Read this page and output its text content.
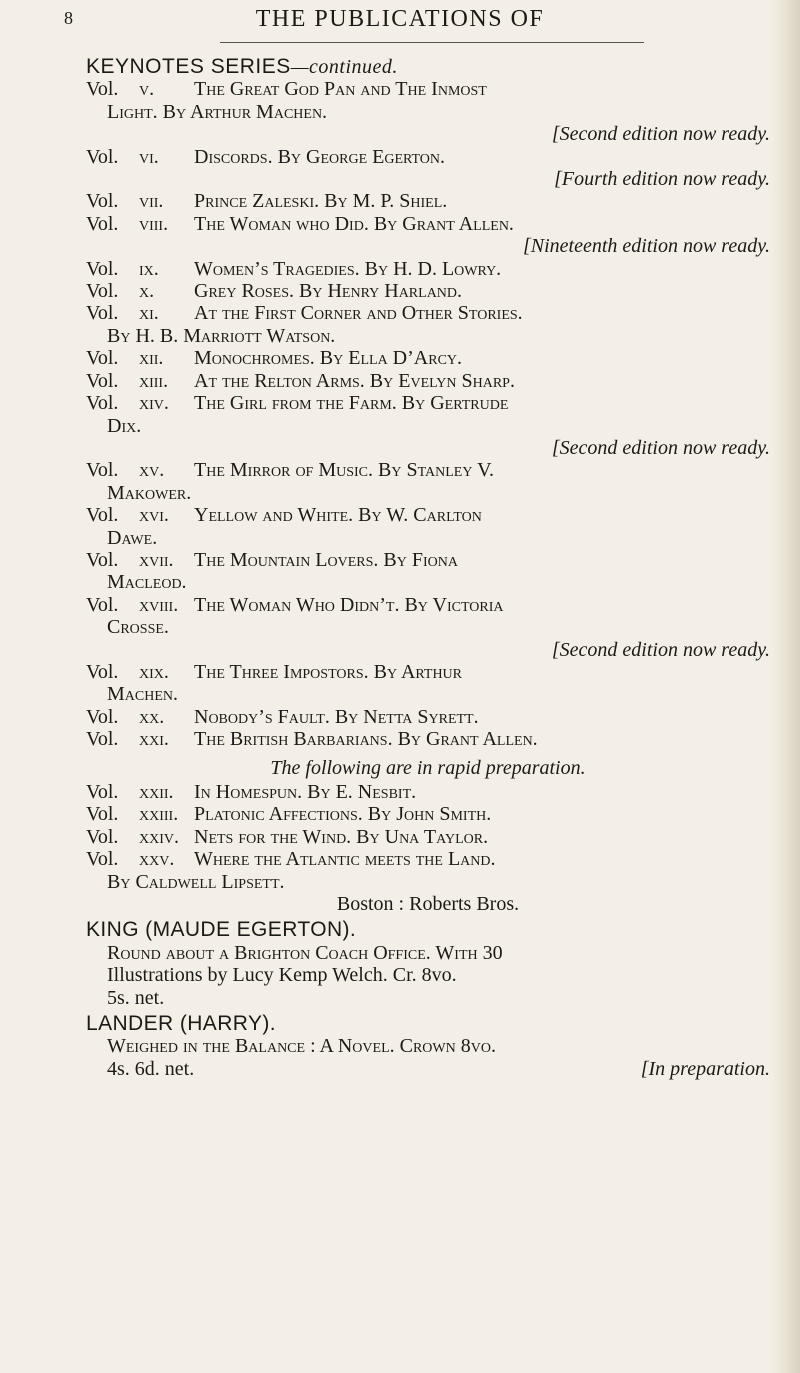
8	THE PUBLICATIONS OF
KEYNOTES SERIES—continued.
Vol.	v.	The Great God Pan and The Inmost
Light. By Arthur Machen.
[Second edition now ready.
Vol.	vi.	Discords. By George Egerton.
[Fourth edition now ready.
Vol.	vii.	Prince Zaleski. By M. P. Shiel.
Vol.	viii.	The Woman who Did. By Grant Allen.
[Nineteenth edition now ready.
Vol.	ix.	Women’s Tragedies. By H. D. Lowry.
Vol.	x.	Grey Roses. By Henry Harland.
Vol.	xi.	At the First Corner and Other Stories.
By H. B. Marriott Watson.
Vol.	xii.	Monochromes. By Ella D’Arcy.
Vol.	xiii.	At the Relton Arms. By Evelyn Sharp.
Vol.	xiv.	The Girl from the Farm. By Gertrude
Dix.
[Second edition now ready.
Vol.	xv.	The Mirror of Music. By Stanley V.
Makower.
Vol.	xvi.	Yellow and White. By W. Carlton
Dawe.
Vol.	xvii.	The Mountain Lovers. By Fiona
Macleod.
Vol.	xviii. The Woman Who Didn’t. By Victoria
Crosse.
[Second edition now ready.
Vol.	xix.	The Three Impostors. By Arthur
Machen.
Vol.	xx.	Nobody’s Fault. By Netta Syrett.
Vol.	xxi.	The British Barbarians. By Grant Allen.
The following are in rapid preparation.
Vol.	xxii.	In Homespun. By E. Nesbit.
Vol.	xxiii. Platonic Affections. By John Smith.
Vol.	xxiv. Nets for the Wind. By Una Taylor.
Vol.	xxv. Where the Atlantic meets the Land.
By Caldwell Lipsett.
Boston : Roberts Bros.
KING (MAUDE EGERTON).
Round about a Brighton Coach Office. With 30
Illustrations by Lucy Kemp Welch. Cr. 8vo.
5s. net.
LANDER (HARRY).
Weighed in the Balance : A Novel. Crown 8vo.
4s. 6d. net.	[In preparation.
